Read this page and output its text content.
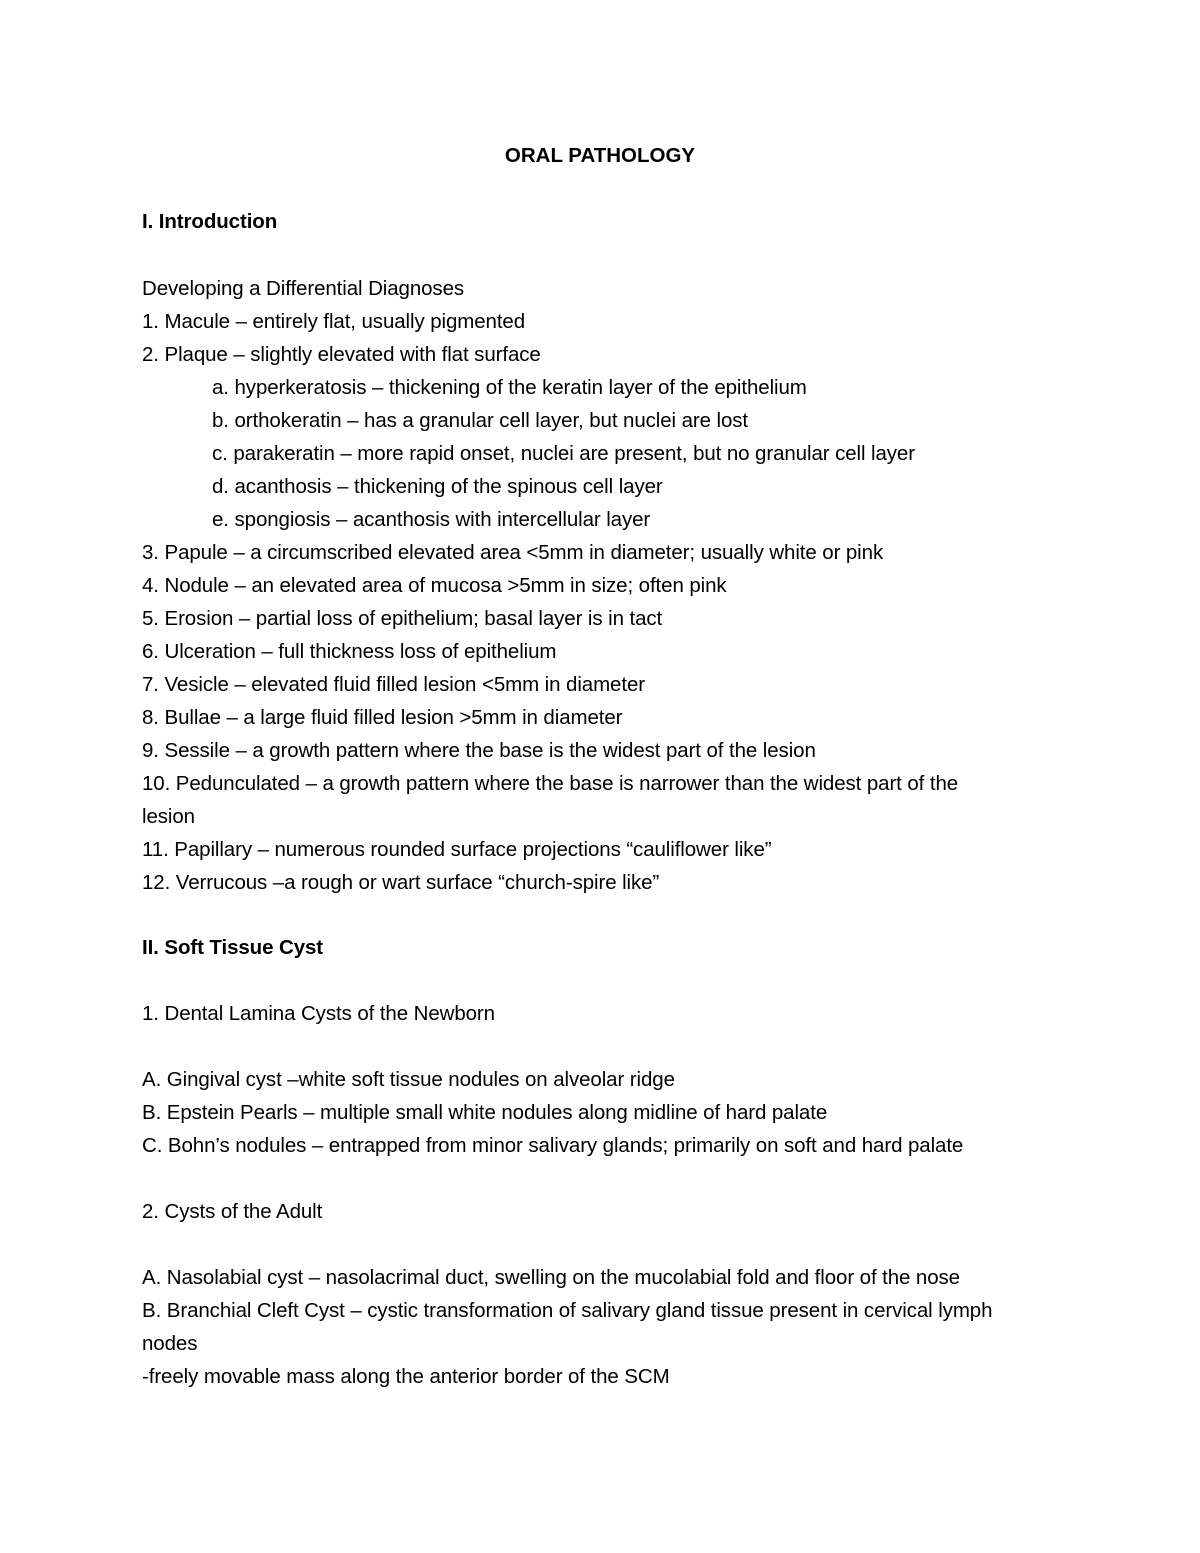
ORAL PATHOLOGY
I. Introduction
Developing a Differential Diagnoses
1. Macule – entirely flat, usually pigmented
2. Plaque – slightly elevated with flat surface
a. hyperkeratosis – thickening of the keratin layer of the epithelium
b. orthokeratin – has a granular cell layer, but nuclei are lost
c. parakeratin – more rapid onset, nuclei are present, but no granular cell layer
d. acanthosis – thickening of the spinous cell layer
e. spongiosis – acanthosis with intercellular layer
3. Papule – a circumscribed elevated area <5mm in diameter; usually white or pink
4. Nodule – an elevated area of mucosa >5mm in size; often pink
5. Erosion – partial loss of epithelium; basal layer is in tact
6. Ulceration – full thickness loss of epithelium
7. Vesicle – elevated fluid filled lesion <5mm in diameter
8. Bullae – a large fluid filled lesion >5mm in diameter
9. Sessile – a growth pattern where the base is the widest part of the lesion
10. Pedunculated – a growth pattern where the base is narrower than the widest part of the
lesion
11. Papillary – numerous rounded surface projections “cauliflower like”
12. Verrucous –a rough or wart surface “church-spire like”
II. Soft Tissue Cyst
1. Dental Lamina Cysts of the Newborn
A. Gingival cyst –white soft tissue nodules on alveolar ridge
B. Epstein Pearls – multiple small white nodules along midline of hard palate
C. Bohn’s nodules – entrapped from minor salivary glands; primarily on soft and hard palate
2. Cysts of the Adult
A. Nasolabial cyst – nasolacrimal duct, swelling on the mucolabial fold and floor of the nose
B. Branchial Cleft Cyst – cystic transformation of salivary gland tissue present in cervical lymph
nodes
-freely movable mass along the anterior border of the SCM
